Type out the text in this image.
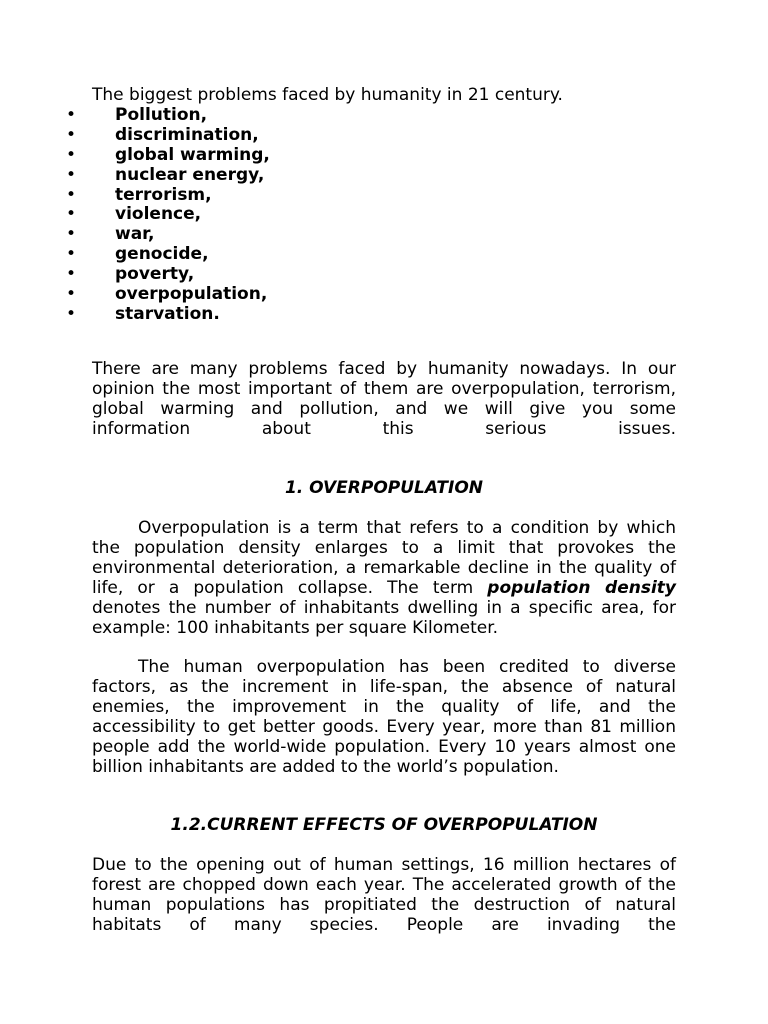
The biggest problems faced by humanity in 21 century.
• Pollution,
• discrimination,
• global warming,
• nuclear energy,
• terrorism,
• violence,
• war,
• genocide,
• poverty,
• overpopulation,
• starvation.

There are many problems faced by humanity nowadays. In our opinion the most important of them are overpopulation, terrorism, global warming and pollution, and we will give you some information about this serious issues.

1. OVERPOPULATION

Overpopulation is a term that refers to a condition by which the population density enlarges to a limit that provokes the environmental deterioration, a remarkable decline in the quality of life, or a population collapse. The term population density denotes the number of inhabitants dwelling in a specific area, for example: 100 inhabitants per square Kilometer.

The human overpopulation has been credited to diverse factors, as the increment in life-span, the absence of natural enemies, the improvement in the quality of life, and the accessibility to get better goods. Every year, more than 81 million people add the world-wide population. Every 10 years almost one billion inhabitants are added to the world’s population.

1.2.CURRENT EFFECTS OF OVERPOPULATION

Due to the opening out of human settings, 16 million hectares of forest are chopped down each year. The accelerated growth of the human populations has propitiated the destruction of natural habitats of many species. People are invading the
